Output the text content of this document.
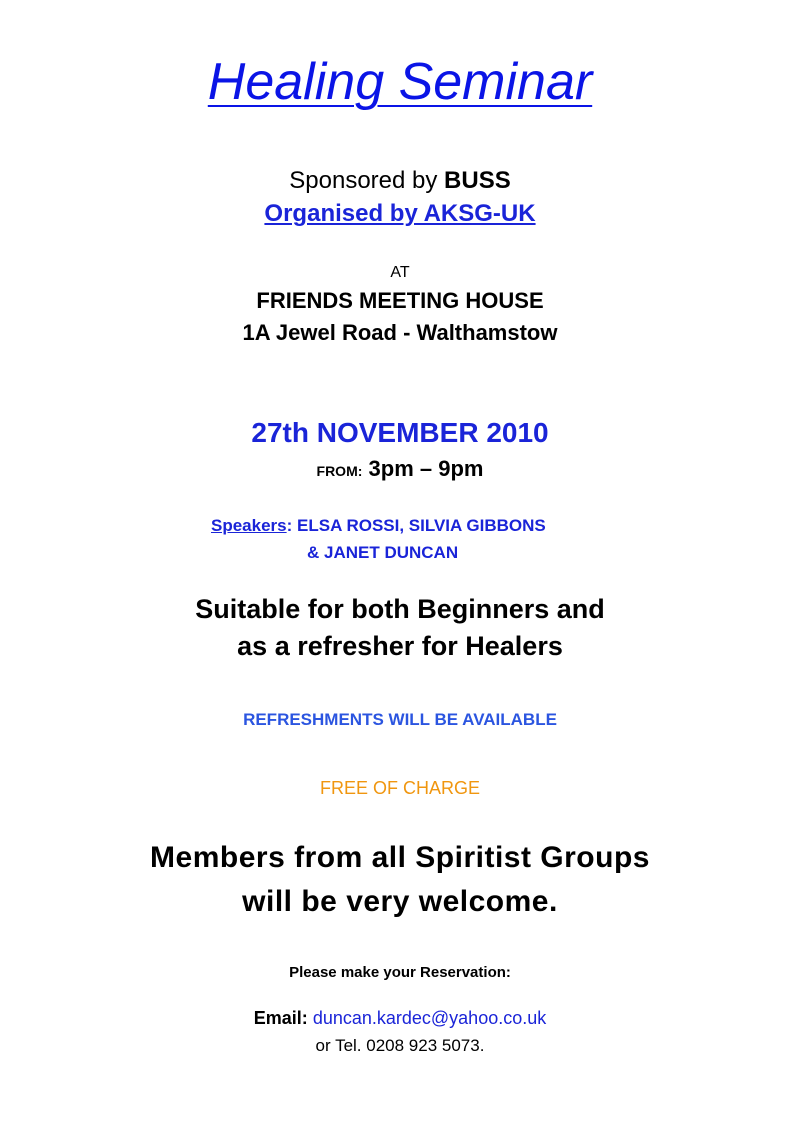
Healing Seminar
Sponsored by BUSS
Organised by AKSG-UK
AT
FRIENDS MEETING HOUSE
1A Jewel Road - Walthamstow
27th NOVEMBER 2010
FROM: 3pm – 9pm
Speakers: ELSA ROSSI, SILVIA GIBBONS
& JANET DUNCAN
Suitable for both Beginners and
as a refresher for Healers
REFRESHMENTS WILL BE AVAILABLE
FREE OF CHARGE
Members from all Spiritist Groups
will be very welcome.
Please make your Reservation:
Email: duncan.kardec@yahoo.co.uk
or Tel. 0208 923 5073.
